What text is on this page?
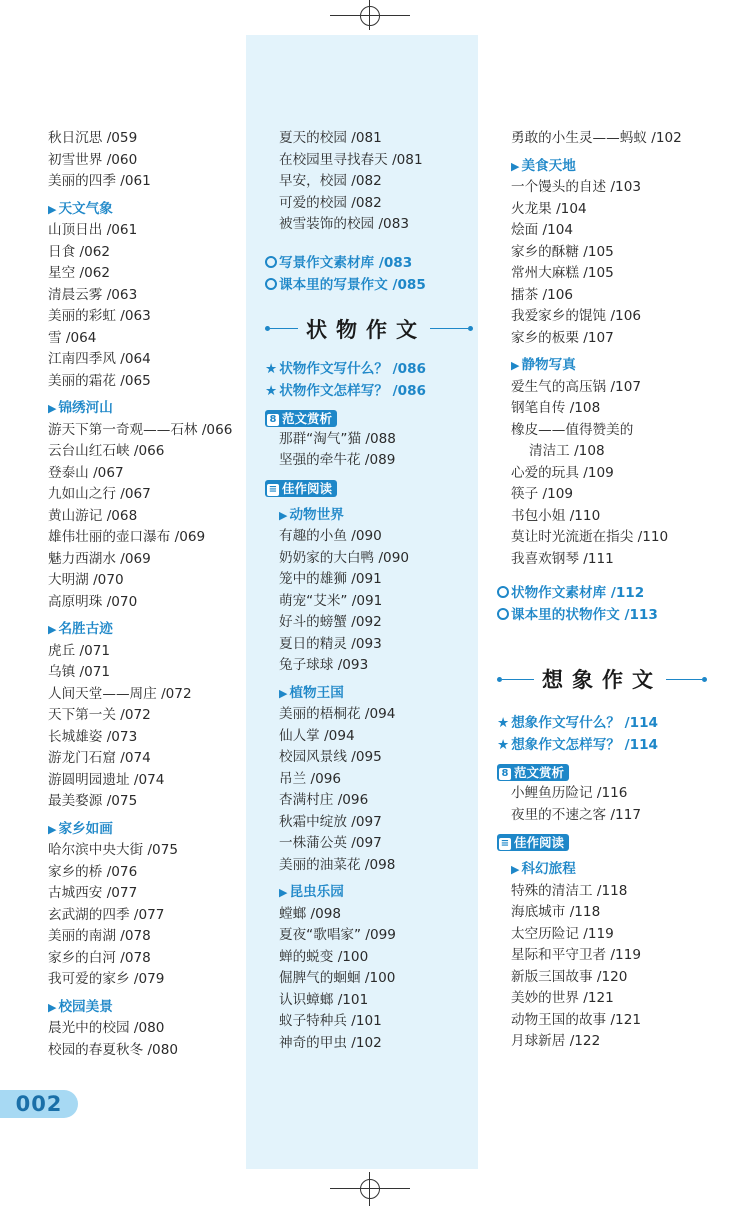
秋日沉思 /059
初雪世界 /060
美丽的四季 /061
▶ 天文气象
山顶日出 /061
日食 /062
星空 /062
清晨云雾 /063
美丽的彩虹 /063
雪 /064
江南四季风 /064
美丽的霜花 /065
▶ 锦绣河山
游天下第一奇观——石林 /066
云台山红石峡 /066
登泰山 /067
九如山之行 /067
黄山游记 /068
雄伟壮丽的壶口瀑布 /069
魅力西湖水 /069
大明湖 /070
高原明珠 /070
▶ 名胜古迹
虎丘 /071
乌镇 /071
人间天堂——周庄 /072
天下第一关 /072
长城雄姿 /073
游龙门石窟 /074
游圆明园遗址 /074
最美婺源 /075
▶ 家乡如画
哈尔滨中央大街 /075
家乡的桥 /076
古城西安 /077
玄武湖的四季 /077
美丽的南湖 /078
家乡的白河 /078
我可爱的家乡 /079
▶ 校园美景
晨光中的校园 /080
校园的春夏秋冬 /080
夏天的校园 /081
在校园里寻找春天 /081
早安，校园 /082
可爱的校园 /082
被雪装饰的校园 /083
写景作文素材库 /083
课本里的写景作文 /085
状物作文
★ 状物作文写什么？ /086
★ 状物作文怎样写？ /086
8 范文赏析
那群“淘气”猫 /088
坚强的牵牛花 /089
≡ 佳作阅读
▶ 动物世界
有趣的小鱼 /090
奶奶家的大白鸭 /090
笼中的雄狮 /091
萌宠“艾米” /091
好斗的螃蟹 /092
夏日的精灵 /093
兔子球球 /093
▶ 植物王国
美丽的梧桐花 /094
仙人掌 /094
校园风景线 /095
吊兰 /096
杏满村庄 /096
秋霜中绽放 /097
一株蒲公英 /097
美丽的油菜花 /098
▶ 昆虫乐园
螳螂 /098
夏夜“歌唱家” /099
蝉的蜕变 /100
倔脾气的蛔蛔 /100
认识蟑螂 /101
蚁子特种兵 /101
神奇的甲虫 /102
勇敢的小生灵——蚂蚁 /102
▶ 美食天地
一个馒头的自述 /103
火龙果 /104
烩面 /104
家乡的酥糖 /105
常州大麻糕 /105
擂茶 /106
我爱家乡的馄饨 /106
家乡的板栗 /107
▶ 静物写真
爱生气的高压锅 /107
钢笔自传 /108
橡皮——值得赞美的
清洁工 /108
心爱的玩具 /109
筷子 /109
书包小姐 /110
莫让时光流逝在指尖 /110
我喜欢钢琴 /111
状物作文素材库 /112
课本里的状物作文 /113
想象作文
★ 想象作文写什么？ /114
★ 想象作文怎样写？ /114
8 范文赏析
小鲤鱼历险记 /116
夜里的不速之客 /117
≡ 佳作阅读
▶ 科幻旅程
特殊的清洁工 /118
海底城市 /118
太空历险记 /119
星际和平守卫者 /119
新版三国故事 /120
美妙的世界 /121
动物王国的故事 /121
月球新居 /122
002
